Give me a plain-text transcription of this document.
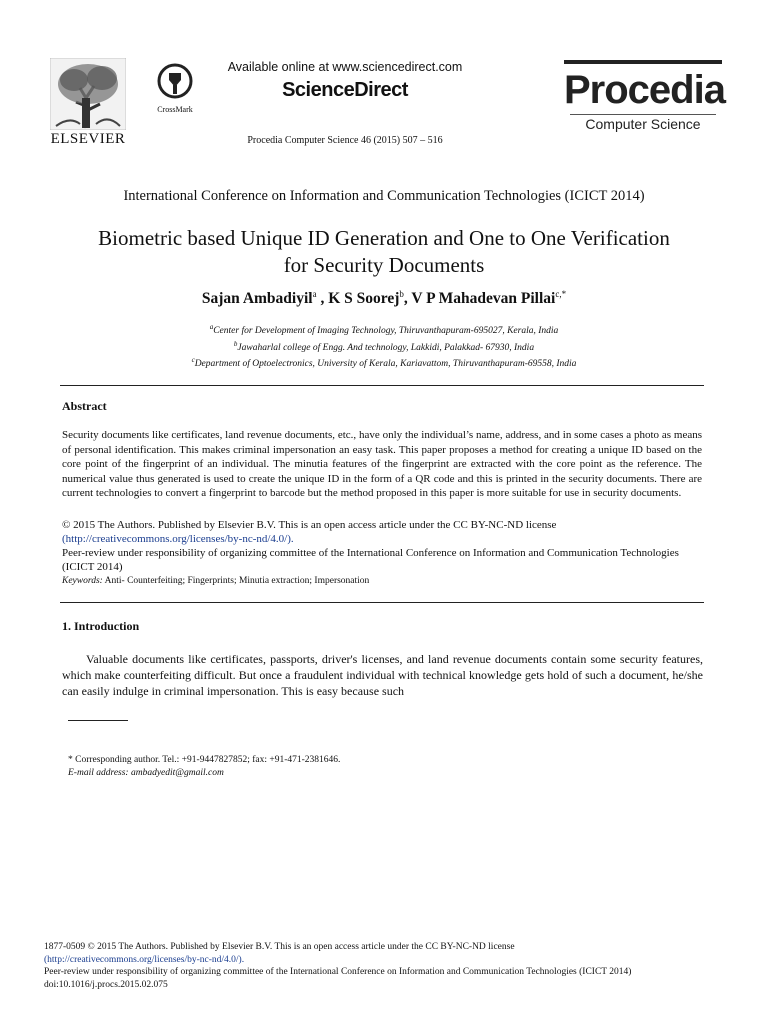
ELSEVIER
CrossMark
Available online at www.sciencedirect.com
ScienceDirect
Procedia Computer Science 46 (2015) 507 – 516
Procedia
Computer Science
International Conference on Information and Communication Technologies (ICICT 2014)
Biometric based Unique ID Generation and One to One Verification
for Security Documents
Sajan Ambadiyil$^a$ , K S Soorej$^b$, V P Mahadevan Pillai$^{c,*}$
$^a$Center for Development of Imaging Technology, Thiruvanthapuram-695027, Kerala, India
$^b$Jawaharlal college of Engg. And technology, Lakkidi, Palakkad- 67930, India
$^c$Department of Optoelectronics, University of Kerala, Kariavattom, Thiruvanthapuram-69558, India
Abstract
Security documents like certificates, land revenue documents, etc., have only the individual’s name, address, and in some cases a photo as means of personal identification. This makes criminal impersonation an easy task. This paper proposes a method for creating a unique ID based on the core point of the fingerprint of an individual. The minutia features of the fingerprint are extracted with the core point as the reference. The numerical value thus generated is used to create the unique ID in the form of a QR code and this is printed in the security documents. There are current technologies to convert a fingerprint to barcode but the method proposed in this paper is more suitable for use in security documents.
© 2015 The Authors. Published by Elsevier B.V. This is an open access article under the CC BY-NC-ND license
(http://creativecommons.org/licenses/by-nc-nd/4.0/).
Peer-review under responsibility of organizing committee of the International Conference on Information and Communication Technologies (ICICT 2014)
Keywords: Anti- Counterfeiting; Fingerprints; Minutia extraction; Impersonation
1. Introduction
Valuable documents like certificates, passports, driver's licenses, and land revenue documents contain some security features, which make counterfeiting difficult. But once a fraudulent individual with technical knowledge gets hold of such a document, he/she can easily indulge in criminal impersonation. This is easy because such
* Corresponding author. Tel.: +91-9447827852; fax: +91-471-2381646.
E-mail address: ambadyedit@gmail.com
1877-0509 © 2015 The Authors. Published by Elsevier B.V. This is an open access article under the CC BY-NC-ND license
(http://creativecommons.org/licenses/by-nc-nd/4.0/).
Peer-review under responsibility of organizing committee of the International Conference on Information and Communication Technologies (ICICT 2014)
doi:10.1016/j.procs.2015.02.075
